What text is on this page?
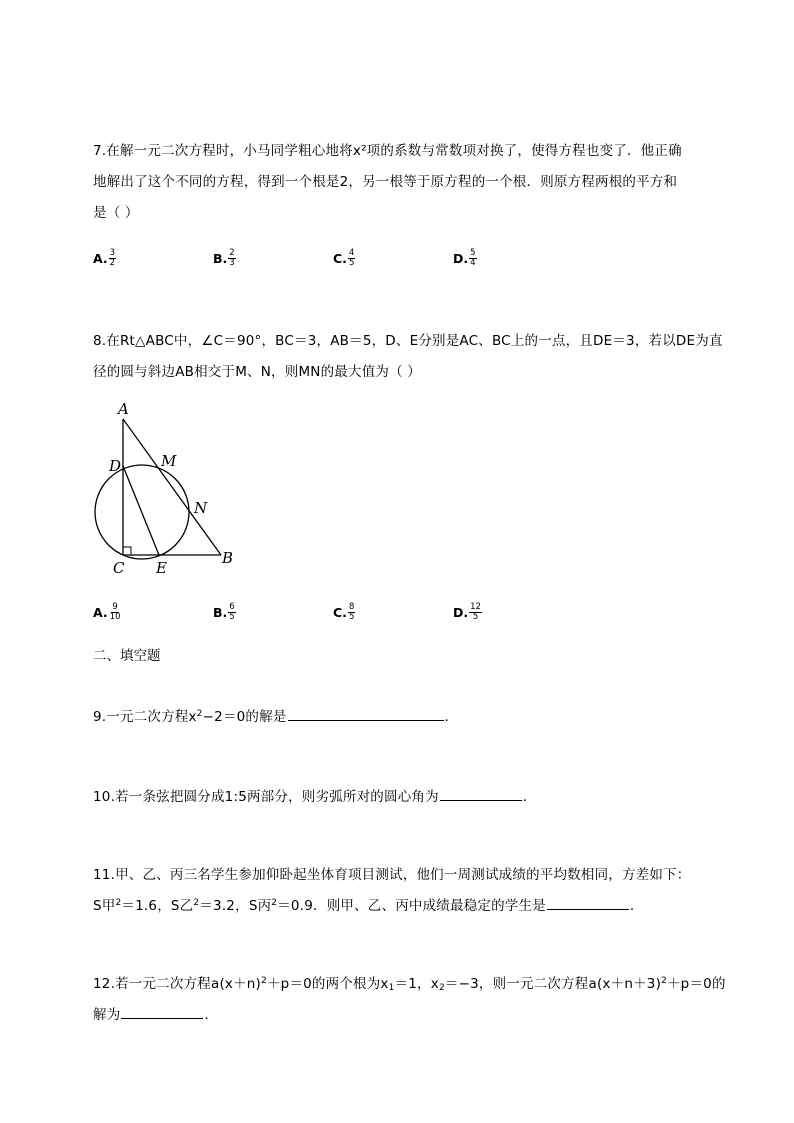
7.在解一元二次方程时，小马同学粗心地将x²项的系数与常数项对换了，使得方程也变了．他正确
地解出了这个不同的方程，得到一个根是2，另一根等于原方程的一个根．则原方程两根的平方和
是（ ）
A. $\frac{3}{2}$	B. $\frac{2}{3}$	C. $\frac{4}{5}$	D. $\frac{5}{4}$
8.在Rt△ABC中，∠C＝90°，BC＝3，AB＝5，D、E分别是AC、BC上的一点，且DE＝3，若以DE为直
径的圆与斜边AB相交于M、N，则MN的最大值为（ ）
A
D	M
N
C E
B
A. $\frac{9}{10}$	B. $\frac{6}{5}$	C. $\frac{8}{5}$	D. $\frac{12}{5}$
二、填空题
9.一元二次方程$x^2-2=0$的解是	．
10.若一条弦把圆分成1:5两部分，则劣弧所对的圆心角为	．
11.甲、乙、丙三名学生参加仰卧起坐体育项目测试，他们一周测试成绩的平均数相同，方差如下：
S甲$^2$＝1.6，S乙$^2$＝3.2，S丙$^2$＝0.9．则甲、乙、丙中成绩最稳定的学生是	．
12.若一元二次方程$a(x+n)^2+p=0$的两个根为$x_1=1$，$x_2=-3$，则一元二次方程$a(x+n+3)^2+p=0$的
解为	．
